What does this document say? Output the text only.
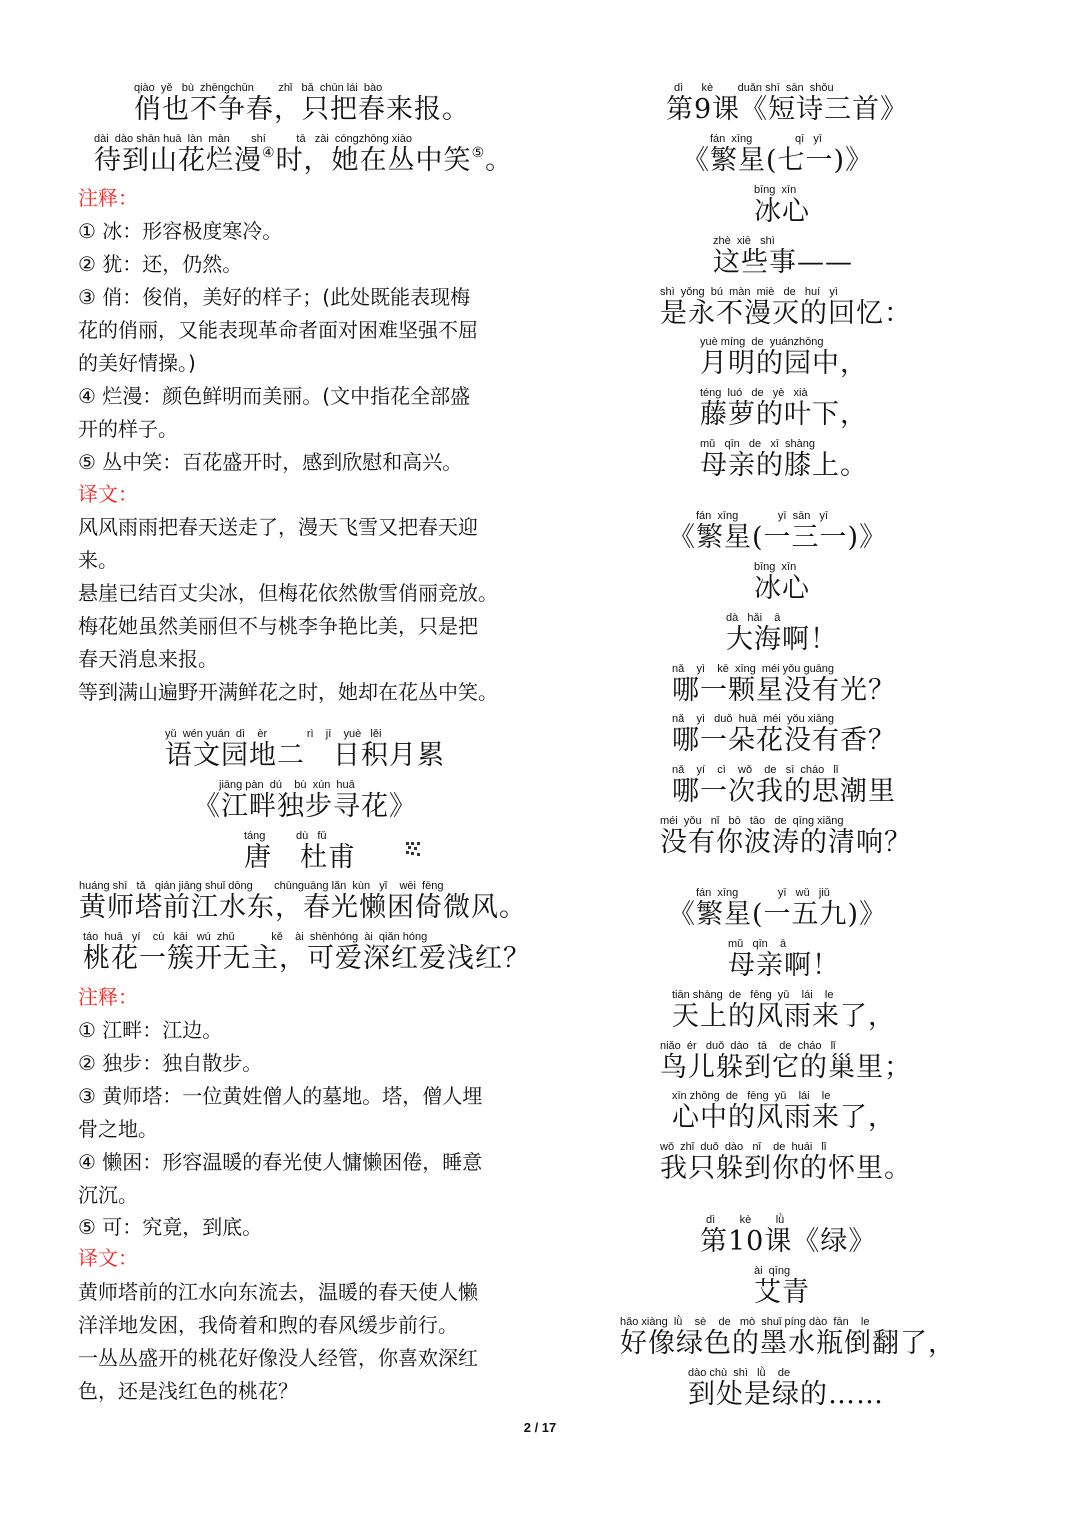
qiào  yě   bù  zhēngchūn        zhǐ   bǎ  chūn lái  bào
俏也不争春，只把春来报。
dài  dào shān huā  làn  màn       shí          tā   zài  cóngzhōng xiào
待到山花烂漫④时，她在丛中笑⑤。
注释：
① 冰：形容极度寒冷。
② 犹：还，仍然。
③ 俏：俊俏，美好的样子；(此处既能表现梅
花的俏丽，又能表现革命者面对困难坚强不屈
的美好情操。)
④ 烂漫：颜色鲜明而美丽。(文中指花全部盛
开的样子。
⑤ 丛中笑：百花盛开时，感到欣慰和高兴。
译文：
风风雨雨把春天送走了，漫天飞雪又把春天迎
来。
悬崖已结百丈尖冰，但梅花依然傲雪俏丽竞放。
梅花她虽然美丽但不与桃李争艳比美，只是把
春天消息来报。
等到满山遍野开满鲜花之时，她却在花丛中笑。
yǔ  wén yuán  dì    èr             rì    jī    yuè   lěi
语文园地二　日积月累
jiāng pàn  dú    bù  xún  huā
《江畔独步寻花》
táng          dù   fǔ
唐　杜甫
huáng shī   tǎ   qián jiāng shuǐ dōng       chūnguāng lǎn  kùn   yǐ    wēi  fēng
黄师塔前江水东，春光懒困倚微风。
táo  huā   yí    cù   kāi   wú  zhǔ            kě    ài  shēnhóng  ài  qiǎn hóng
桃花一簇开无主，可爱深红爱浅红？
注释：
① 江畔：江边。
② 独步：独自散步。
③ 黄师塔：一位黄姓僧人的墓地。塔，僧人埋
骨之地。
④ 懒困：形容温暖的春光使人慵懒困倦，睡意
沉沉。
⑤ 可：究竟，到底。
译文：
黄师塔前的江水向东流去，温暖的春天使人懒
洋洋地发困，我倚着和煦的春风缓步前行。
一丛丛盛开的桃花好像没人经管，你喜欢深红
色，还是浅红色的桃花？
dì      kè        duǎn shī  sān  shǒu
第9课《短诗三首》
fán  xīng              qī   yī
《繁星(七一)》
bīng  xīn
冰心
zhè  xiē   shì
这些事——
shì  yǒng  bú  màn  miè   de   huí   yì
是永不漫灭的回忆：
yuè míng  de  yuánzhōng
月明的园中，
téng  luó   de   yè   xià
藤萝的叶下，
mǔ   qīn   de   xī  shàng
母亲的膝上。
fán  xīng             yī  sān   yī
《繁星(一三一)》
bīng  xīn
冰心
dà   hǎi    ā
大海啊！
nǎ    yì    kē  xīng  méi yǒu guāng
哪一颗星没有光？
nǎ    yì   duǒ  huā  méi  yǒu xiāng
哪一朵花没有香？
nǎ    yí    cì    wǒ    de   sī  cháo   lǐ
哪一次我的思潮里
méi  yǒu   nǐ   bō   tāo   de  qīng xiǎng
没有你波涛的清响？
fán  xīng             yī   wǔ   jiǔ
《繁星(一五九)》
mǔ   qīn    ā
母亲啊！
tiān shàng  de   fēng  yǔ    lái    le
天上的风雨来了，
niǎo  ér   duǒ  dào   tā    de  cháo   lǐ
鸟儿躲到它的巢里；
xīn zhōng  de   fēng  yǔ    lái    le
心中的风雨来了，
wǒ  zhǐ  duǒ  dào   nǐ    de  huái   lǐ
我只躲到你的怀里。
dì        kè        lǜ
第10课《绿》
ài  qīng
艾青
hǎo xiàng  lǜ    sè    de   mò  shuǐ píng dào  fān    le
好像绿色的墨水瓶倒翻了，
dào chù  shì   lǜ    de
到处是绿的……
2 / 17
